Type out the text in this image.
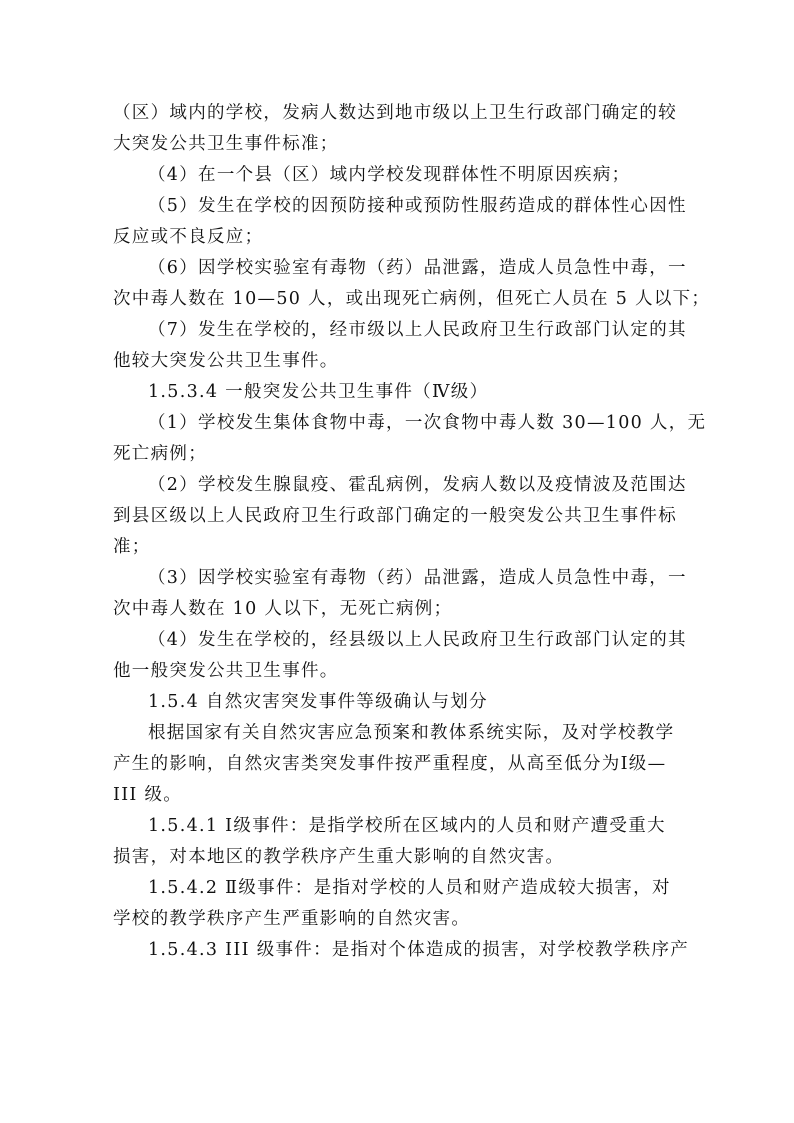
（区）域内的学校，发病人数达到地市级以上卫生行政部门确定的较
大突发公共卫生事件标准；
（4）在一个县（区）域内学校发现群体性不明原因疾病；
（5）发生在学校的因预防接种或预防性服药造成的群体性心因性
反应或不良反应；
（6）因学校实验室有毒物（药）品泄露，造成人员急性中毒，一
次中毒人数在 10—50 人，或出现死亡病例，但死亡人员在 5 人以下；
（7）发生在学校的，经市级以上人民政府卫生行政部门认定的其
他较大突发公共卫生事件。
1.5.3.4 一般突发公共卫生事件（Ⅳ级）
（1）学校发生集体食物中毒，一次食物中毒人数 30—100 人，无
死亡病例；
（2）学校发生腺鼠疫、霍乱病例，发病人数以及疫情波及范围达
到县区级以上人民政府卫生行政部门确定的一般突发公共卫生事件标
准；
（3）因学校实验室有毒物（药）品泄露，造成人员急性中毒，一
次中毒人数在 10 人以下，无死亡病例；
（4）发生在学校的，经县级以上人民政府卫生行政部门认定的其
他一般突发公共卫生事件。
1.5.4 自然灾害突发事件等级确认与划分
根据国家有关自然灾害应急预案和教体系统实际，及对学校教学
产生的影响，自然灾害类突发事件按严重程度，从高至低分为Ⅰ级—
III 级。
1.5.4.1 Ⅰ级事件：是指学校所在区域内的人员和财产遭受重大
损害，对本地区的教学秩序产生重大影响的自然灾害。
1.5.4.2 Ⅱ级事件：是指对学校的人员和财产造成较大损害，对
学校的教学秩序产生严重影响的自然灾害。
1.5.4.3 III 级事件：是指对个体造成的损害，对学校教学秩序产
